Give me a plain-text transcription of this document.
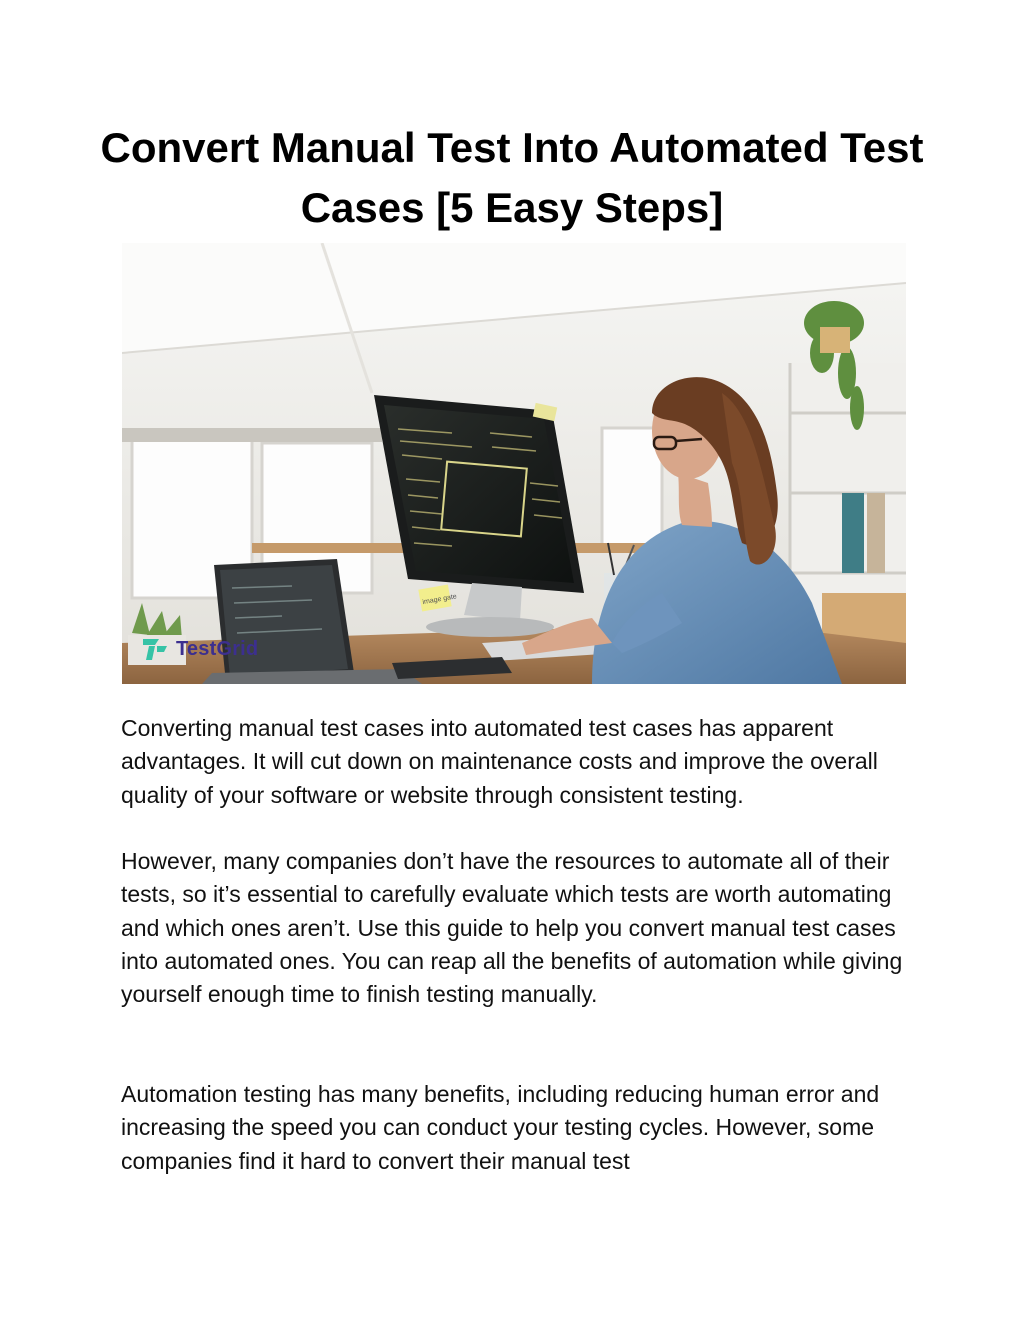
Convert Manual Test Into Automated Test Cases [5 Easy Steps]
image gate
TestGrid

Converting manual test cases into automated test cases has apparent advantages. It will cut down on maintenance costs and improve the overall quality of your software or website through consistent testing.

However, many companies don’t have the resources to automate all of their tests, so it’s essential to carefully evaluate which tests are worth automating and which ones aren’t. Use this guide to help you convert manual test cases into automated ones. You can reap all the benefits of automation while giving yourself enough time to finish testing manually.

Automation testing has many benefits, including reducing human error and increasing the speed you can conduct your testing cycles. However, some companies find it hard to convert their manual test
